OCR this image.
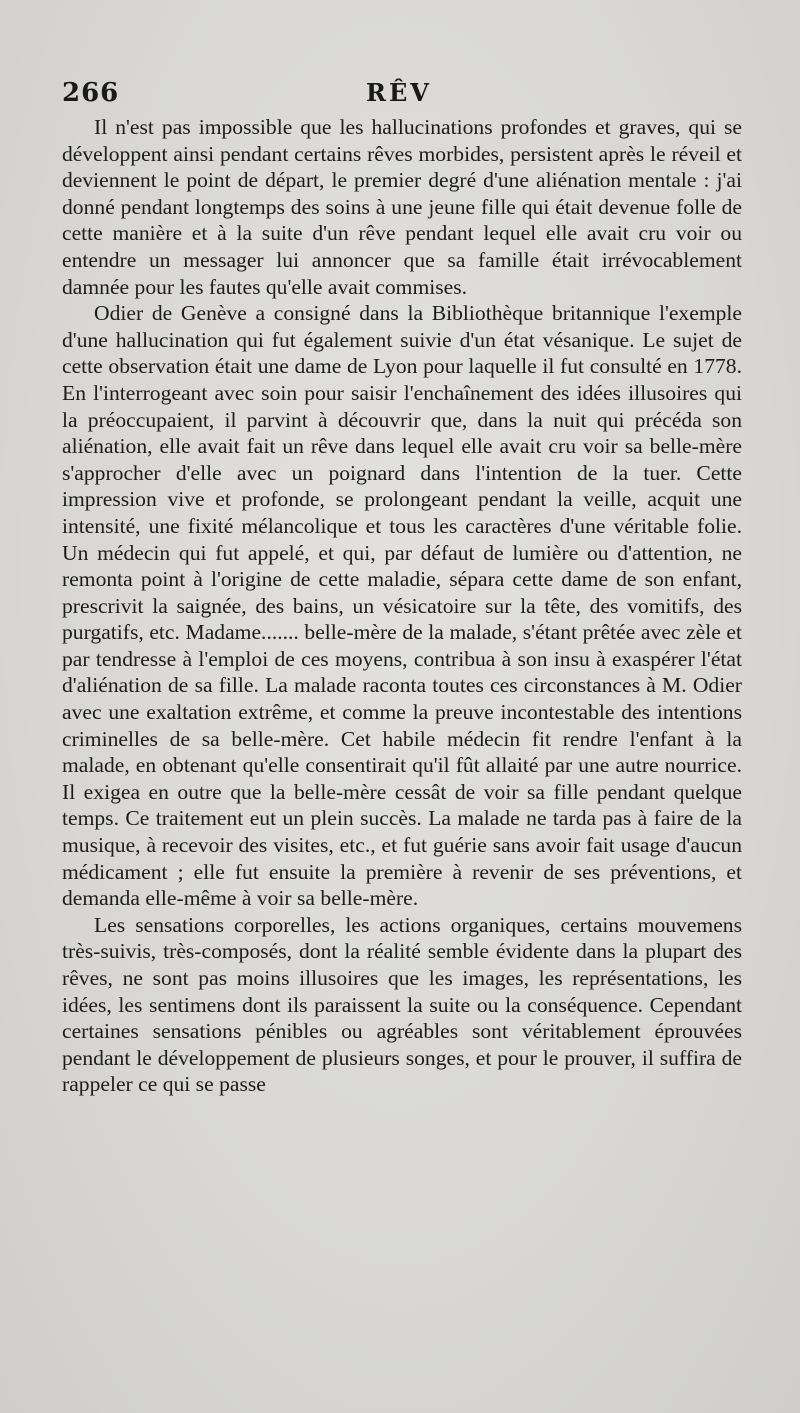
266	RÊV

Il n'est pas impossible que les hallucinations profondes et graves, qui se développent ainsi pendant certains rêves morbides, persistent après le réveil et deviennent le point de départ, le premier degré d'une aliénation mentale : j'ai donné pendant longtemps des soins à une jeune fille qui était devenue folle de cette manière et à la suite d'un rêve pendant lequel elle avait cru voir ou entendre un messager lui annoncer que sa famille était irrévocablement damnée pour les fautes qu'elle avait commises.

Odier de Genève a consigné dans la Bibliothèque britannique l'exemple d'une hallucination qui fut également suivie d'un état vésanique. Le sujet de cette observation était une dame de Lyon pour laquelle il fut consulté en 1778. En l'interrogeant avec soin pour saisir l'enchaînement des idées illusoires qui la préoccupaient, il parvint à découvrir que, dans la nuit qui précéda son aliénation, elle avait fait un rêve dans lequel elle avait cru voir sa belle-mère s'approcher d'elle avec un poignard dans l'intention de la tuer. Cette impression vive et profonde, se prolongeant pendant la veille, acquit une intensité, une fixité mélancolique et tous les caractères d'une véritable folie. Un médecin qui fut appelé, et qui, par défaut de lumière ou d'attention, ne remonta point à l'origine de cette maladie, sépara cette dame de son enfant, prescrivit la saignée, des bains, un vésicatoire sur la tête, des vomitifs, des purgatifs, etc. Madame....... belle-mère de la malade, s'étant prêtée avec zèle et par tendresse à l'emploi de ces moyens, contribua à son insu à exaspérer l'état d'aliénation de sa fille. La malade raconta toutes ces circonstances à M. Odier avec une exaltation extrême, et comme la preuve incontestable des intentions criminelles de sa belle-mère. Cet habile médecin fit rendre l'enfant à la malade, en obtenant qu'elle consentirait qu'il fût allaité par une autre nourrice. Il exigea en outre que la belle-mère cessât de voir sa fille pendant quelque temps. Ce traitement eut un plein succès. La malade ne tarda pas à faire de la musique, à recevoir des visites, etc., et fut guérie sans avoir fait usage d'aucun médicament ; elle fut ensuite la première à revenir de ses préventions, et demanda elle-même à voir sa belle-mère.

Les sensations corporelles, les actions organiques, certains mouvemens très-suivis, très-composés, dont la réalité semble évidente dans la plupart des rêves, ne sont pas moins illusoires que les images, les représentations, les idées, les sentimens dont ils paraissent la suite ou la conséquence. Cependant certaines sensations pénibles ou agréables sont véritablement éprouvées pendant le développement de plusieurs songes, et pour le prouver, il suffira de rappeler ce qui se passe
